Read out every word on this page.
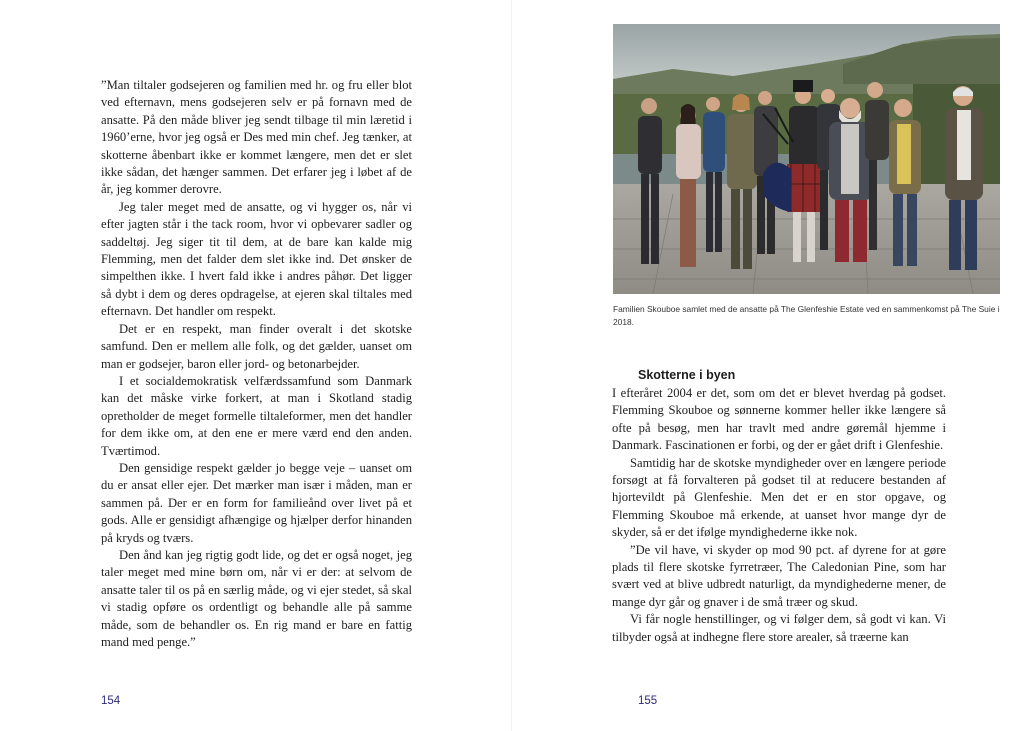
”Man tiltaler godsejeren og familien med hr. og fru eller blot ved efternavn, mens godsejeren selv er på fornavn med de ansatte. På den måde bliver jeg sendt tilbage til min læretid i 1960’erne, hvor jeg også er Des med min chef. Jeg tænker, at skotterne åbenbart ikke er kommet længere, men det er slet ikke sådan, det hænger sammen. Det erfarer jeg i løbet af de år, jeg kommer derovre.

Jeg taler meget med de ansatte, og vi hygger os, når vi efter jagten står i the tack room, hvor vi opbevarer sadler og saddeltøj. Jeg siger tit til dem, at de bare kan kalde mig Flemming, men det falder dem slet ikke ind. Det ønsker de simpelthen ikke. I hvert fald ikke i andres påhør. Det ligger så dybt i dem og deres opdragelse, at ejeren skal tiltales med efternavn. Det handler om respekt.

Det er en respekt, man finder overalt i det skotske samfund. Den er mellem alle folk, og det gælder, uanset om man er godsejer, baron eller jord- og betonarbejder.

I et socialdemokratisk velfærdssamfund som Danmark kan det måske virke forkert, at man i Skotland stadig opretholder de meget formelle tiltaleformer, men det handler for dem ikke om, at den ene er mere værd end den anden. Tværtimod.

Den gensidige respekt gælder jo begge veje – uanset om du er ansat eller ejer. Det mærker man især i måden, man er sammen på. Der er en form for familieånd over livet på et gods. Alle er gensidigt afhængige og hjælper derfor hinanden på kryds og tværs.

Den ånd kan jeg rigtig godt lide, og det er også noget, jeg taler meget med mine børn om, når vi er der: at selvom de ansatte taler til os på en særlig måde, og vi ejer stedet, så skal vi stadig opføre os ordentligt og behandle alle på samme måde, som de behandler os. En rig mand er bare en fattig mand med penge.”

154
Familien Skouboe samlet med de ansatte på The Glenfeshie Estate ved en sammenkomst på The Suie i 2018.
Skotterne i byen

I efteråret 2004 er det, som om det er blevet hverdag på godset. Flemming Skouboe og sønnerne kommer heller ikke længere så ofte på besøg, men har travlt med andre gøremål hjemme i Danmark. Fascinationen er forbi, og der er gået drift i Glenfeshie.

Samtidig har de skotske myndigheder over en længere periode forsøgt at få forvalteren på godset til at reducere bestanden af hjortevildt på Glenfeshie. Men det er en stor opgave, og Flemming Skouboe må erkende, at uanset hvor mange dyr de skyder, så er det ifølge myndighederne ikke nok.

”De vil have, vi skyder op mod 90 pct. af dyrene for at gøre plads til flere skotske fyrretræer, The Caledonian Pine, som har svært ved at blive udbredt naturligt, da myndighederne mener, de mange dyr går og gnaver i de små træer og skud.

Vi får nogle henstillinger, og vi følger dem, så godt vi kan. Vi tilbyder også at indhegne flere store arealer, så træerne kan

155
